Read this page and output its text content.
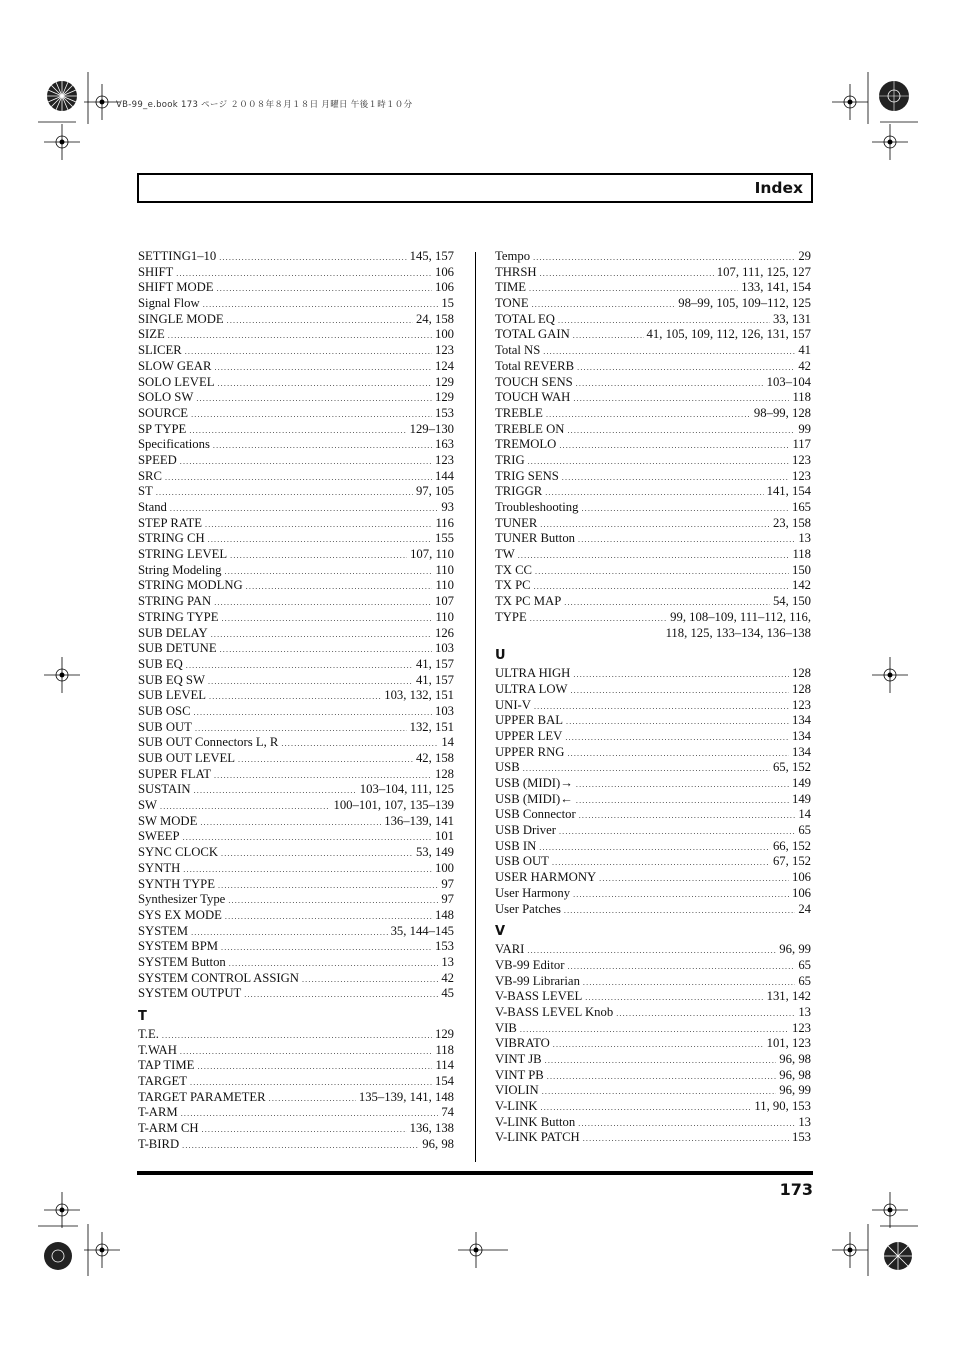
VB-99_e.book 173 ページ ２００８年８月１８日 月曜日 午後１時１０分
Index
SETTING1–10 .....	145, 157
SHIFT .....	106
SHIFT MODE .....	106
Signal Flow .....	15
SINGLE MODE .....	24, 158
SIZE .....	100
SLICER .....	123
SLOW GEAR .....	124
SOLO LEVEL .....	129
SOLO SW .....	129
SOURCE .....	153
SP TYPE .....	129–130
Specifications .....	163
SPEED .....	123
SRC .....	144
ST .....	97, 105
Stand .....	93
STEP RATE .....	116
STRING CH .....	155
STRING LEVEL .....	107, 110
String Modeling .....	110
STRING MODLNG .....	110
STRING PAN .....	107
STRING TYPE .....	110
SUB DELAY .....	126
SUB DETUNE .....	103
SUB EQ .....	41, 157
SUB EQ SW .....	41, 157
SUB LEVEL .....	103, 132, 151
SUB OSC .....	103
SUB OUT .....	132, 151
SUB OUT Connectors L, R .....	14
SUB OUT LEVEL .....	42, 158
SUPER FLAT .....	128
SUSTAIN .....	103–104, 111, 125
SW .....	100–101, 107, 135–139
SW MODE .....	136–139, 141
SWEEP .....	101
SYNC CLOCK .....	53, 149
SYNTH .....	100
SYNTH TYPE .....	97
Synthesizer Type .....	97
SYS EX MODE .....	148
SYSTEM .....	35, 144–145
SYSTEM BPM .....	153
SYSTEM Button .....	13
SYSTEM CONTROL ASSIGN .....	42
SYSTEM OUTPUT .....	45
T
T.E. .....	129
T.WAH .....	118
TAP TIME .....	114
TARGET .....	154
TARGET PARAMETER .....	135–139, 141, 148
T-ARM .....	74
T-ARM CH .....	136, 138
T-BIRD .....	96, 98
Tempo .....	29
THRSH .....	107, 111, 125, 127
TIME .....	133, 141, 154
TONE .....	98–99, 105, 109–112, 125
TOTAL EQ .....	33, 131
TOTAL GAIN .....	41, 105, 109, 112, 126, 131, 157
Total NS .....	41
Total REVERB .....	42
TOUCH SENS .....	103–104
TOUCH WAH .....	118
TREBLE .....	98–99, 128
TREBLE ON .....	99
TREMOLO .....	117
TRIG .....	123
TRIG SENS .....	123
TRIGGR .....	141, 154
Troubleshooting .....	165
TUNER .....	23, 158
TUNER Button .....	13
TW .....	118
TX CC .....	150
TX PC .....	142
TX PC MAP .....	54, 150
TYPE .....	99, 108–109, 111–112, 116,
118, 125, 133–134, 136–138
U
ULTRA HIGH .....	128
ULTRA LOW .....	128
UNI-V .....	123
UPPER BAL .....	134
UPPER LEV .....	134
UPPER RNG .....	134
USB .....	65, 152
USB (MIDI)→ .....	149
USB (MIDI)← .....	149
USB Connector .....	14
USB Driver .....	65
USB IN .....	66, 152
USB OUT .....	67, 152
USER HARMONY .....	106
User Harmony .....	106
User Patches .....	24
V
VARI .....	96, 99
VB-99 Editor .....	65
VB-99 Librarian .....	65
V-BASS LEVEL .....	131, 142
V-BASS LEVEL Knob .....	13
VIB .....	123
VIBRATO .....	101, 123
VINT JB .....	96, 98
VINT PB .....	96, 98
VIOLIN .....	96, 99
V-LINK .....	11, 90, 153
V-LINK Button .....	13
V-LINK PATCH .....	153
173
